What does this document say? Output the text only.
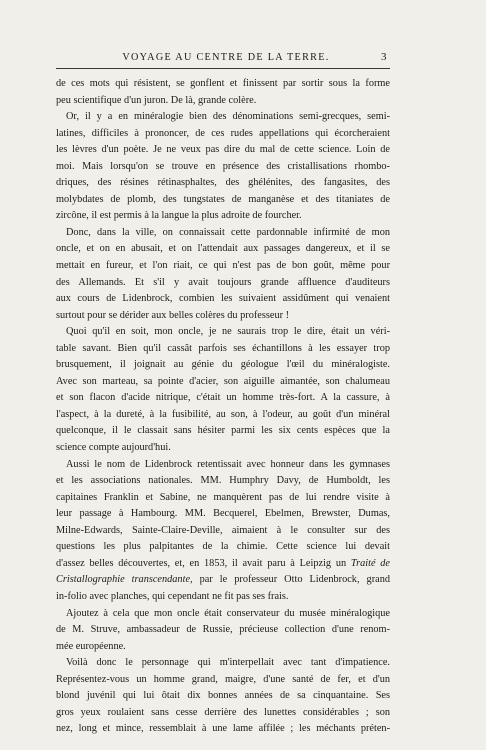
VOYAGE AU CENTRE DE LA TERRE.	3
de ces mots qui résistent, se gonflent et finissent par sortir sous la forme
peu scientifique d'un juron. De là, grande colère.
Or, il y a en minéralogie bien des dénominations semi-grecques, semi-
latines, difficiles à prononcer, de ces rudes appellations qui écorcheraient
les lèvres d'un poète. Je ne veux pas dire du mal de cette science. Loin de
moi. Mais lorsqu'on se trouve en présence des cristallisations rhombo-
driques, des résines rétinasphaltes, des ghélénites, des fangasites, des
molybdates de plomb, des tungstates de manganèse et des titaniates de
zircône, il est permis à la langue la plus adroite de fourcher.
Donc, dans la ville, on connaissait cette pardonnable infirmité de mon
oncle, et on en abusait, et on l'attendait aux passages dangereux, et il se
mettait en fureur, et l'on riait, ce qui n'est pas de bon goût, même pour
des Allemands. Et s'il y avait toujours grande affluence d'auditeurs
aux cours de Lidenbrock, combien les suivaient assidûment qui venaient
surtout pour se dérider aux belles colères du professeur !
Quoi qu'il en soit, mon oncle, je ne saurais trop le dire, était un véri-
table savant. Bien qu'il cassât parfois ses échantillons à les essayer trop
brusquement, il joignait au génie du géologue l'œil du minéralogiste.
Avec son marteau, sa pointe d'acier, son aiguille aimantée, son chalumeau
et son flacon d'acide nitrique, c'était un homme très-fort. A la cassure, à
l'aspect, à la dureté, à la fusibilité, au son, à l'odeur, au goût d'un minéral
quelconque, il le classait sans hésiter parmi les six cents espèces que la
science compte aujourd'hui.
Aussi le nom de Lidenbrock retentissait avec honneur dans les gymnases
et les associations nationales. MM. Humphry Davy, de Humboldt, les
capitaines Franklin et Sabine, ne manquèrent pas de lui rendre visite à
leur passage à Hambourg. MM. Becquerel, Ebelmen, Brewster, Dumas,
Milne-Edwards, Sainte-Claire-Deville, aimaient à le consulter sur des
questions les plus palpitantes de la chimie. Cette science lui devait
d'assez belles découvertes, et, en 1853, il avait paru à Leipzig un Traité de
Cristallographie transcendante, par le professeur Otto Lidenbrock, grand
in-folio avec planches, qui cependant ne fit pas ses frais.
Ajoutez à cela que mon oncle était conservateur du musée minéralogique
de M. Struve, ambassadeur de Russie, précieuse collection d'une renom-
mée européenne.
Voilà donc le personnage qui m'interpellait avec tant d'impatience.
Représentez-vous un homme grand, maigre, d'une santé de fer, et d'un
blond juvénil qui lui ôtait dix bonnes années de sa cinquantaine. Ses
gros yeux roulaient sans cesse derrière des lunettes considérables ; son
nez, long et mince, ressemblait à une lame affilée ; les méchants préten-
